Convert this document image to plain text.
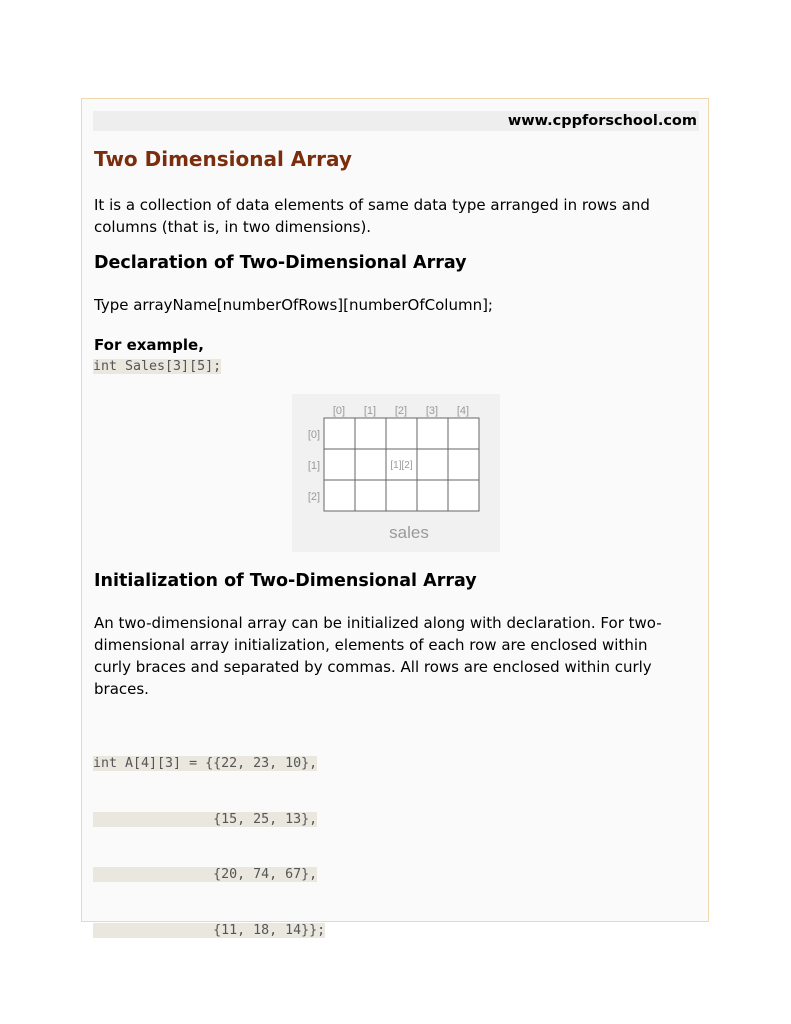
www.cppforschool.com
Two Dimensional Array

It is a collection of data elements of same data type arranged in rows and columns (that is, in two dimensions).

Declaration of Two-Dimensional Array

Type arrayName[numberOfRows][numberOfColumn];

For example,

int Sales[3][5];
[0] [1] [2] [3] [4]
[0]
[1]
[2]
[1][2]
sales
Initialization of Two-Dimensional Array

An two-dimensional array can be initialized along with declaration. For two-dimensional array initialization, elements of each row are enclosed within curly braces and separated by commas. All rows are enclosed within curly braces.

int A[4][3] = {{22, 23, 10},

{15, 25, 13},

{20, 74, 67},

{11, 18, 14}};
